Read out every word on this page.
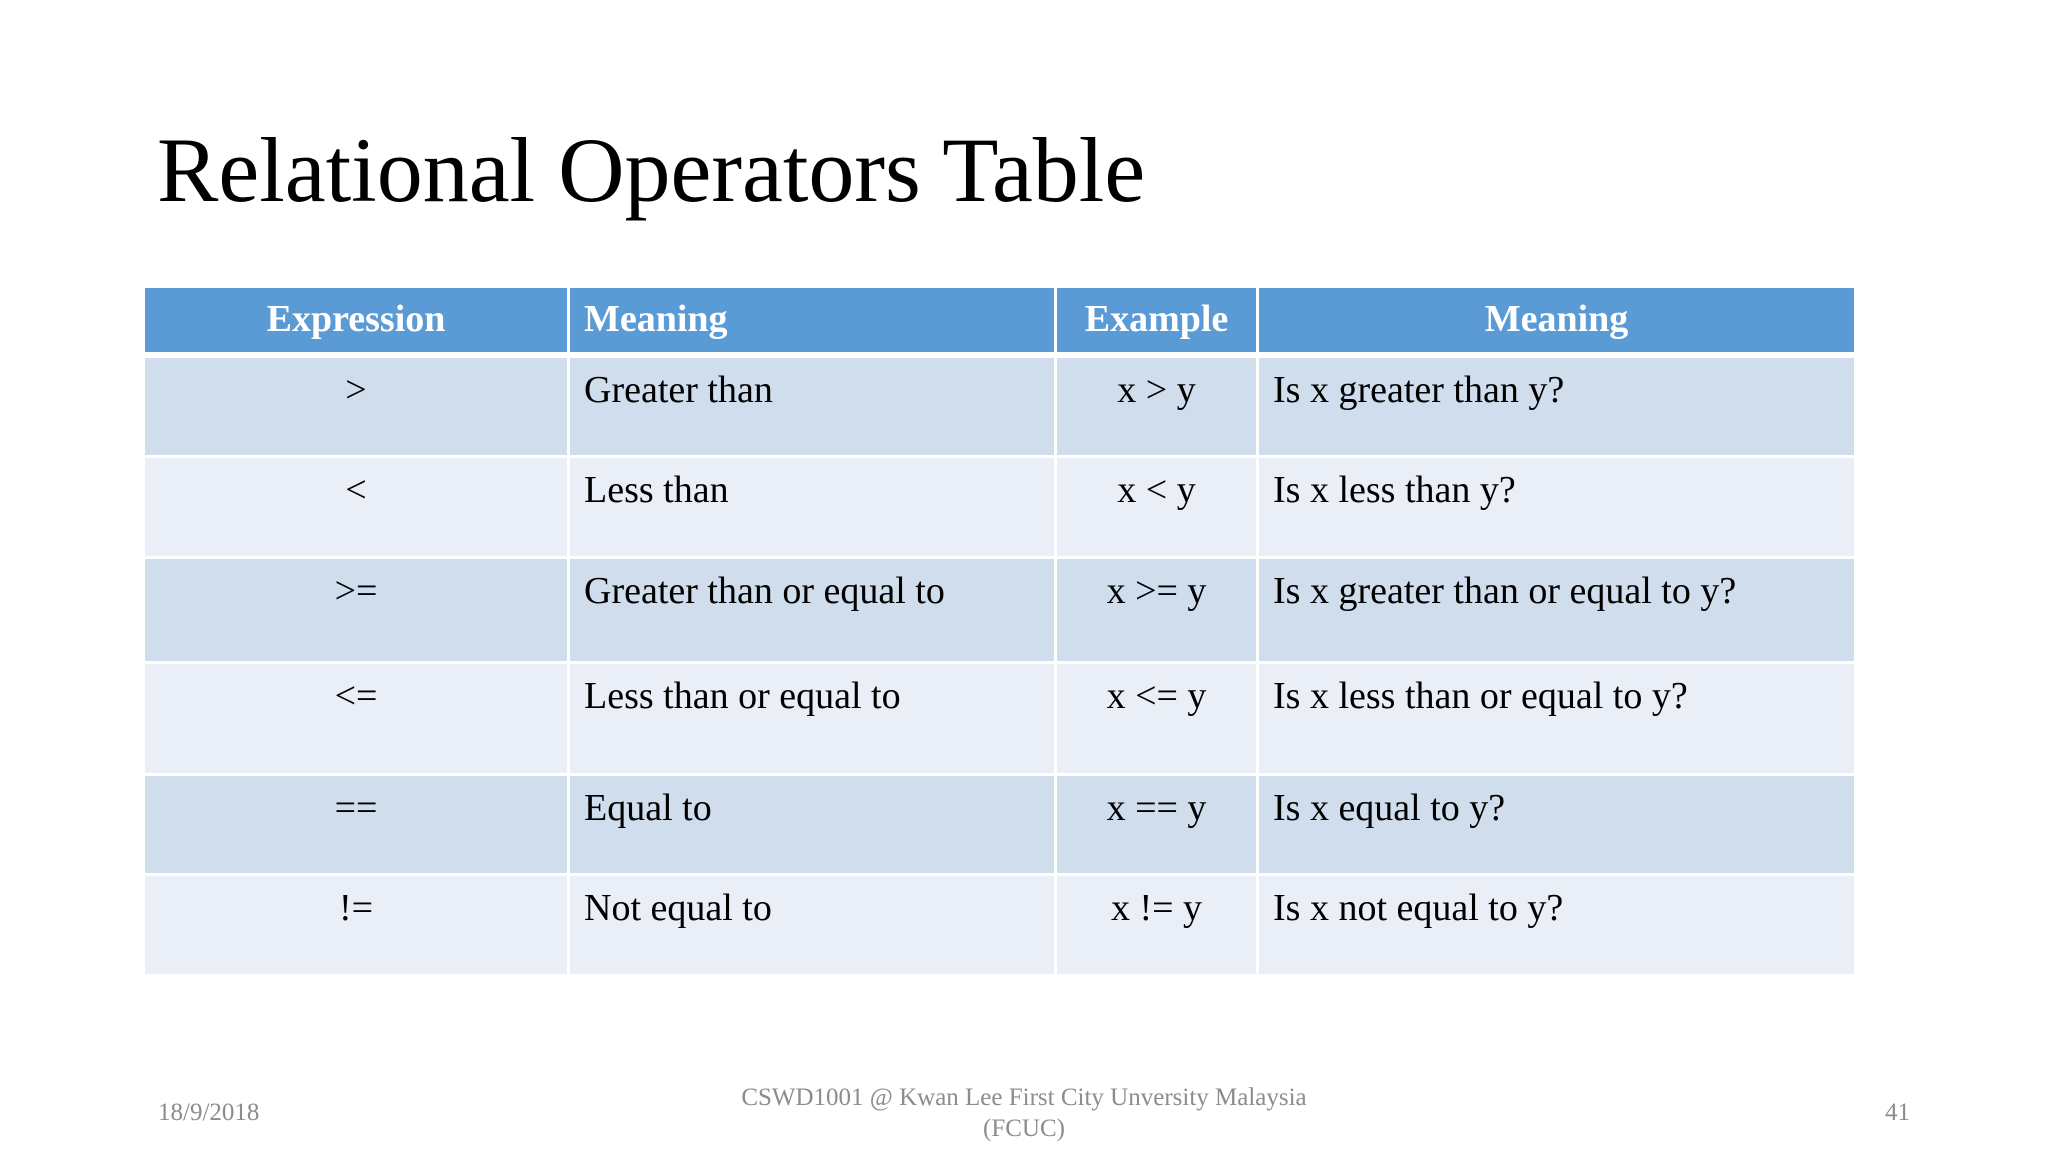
Relational Operators Table
Expression	Meaning	Example	Meaning
>	Greater than	x > y	Is x greater than y?
<	Less than	x < y	Is x less than y?
>=	Greater than or equal to	x >= y	Is x greater than or equal to y?
<=	Less than or equal to	x <= y	Is x less than or equal to y?
==	Equal to	x == y	Is x equal to y?
!=	Not equal to	x != y	Is x not equal to y?
18/9/2018
CSWD1001 @ Kwan Lee First City Unversity Malaysia
(FCUC)
41
